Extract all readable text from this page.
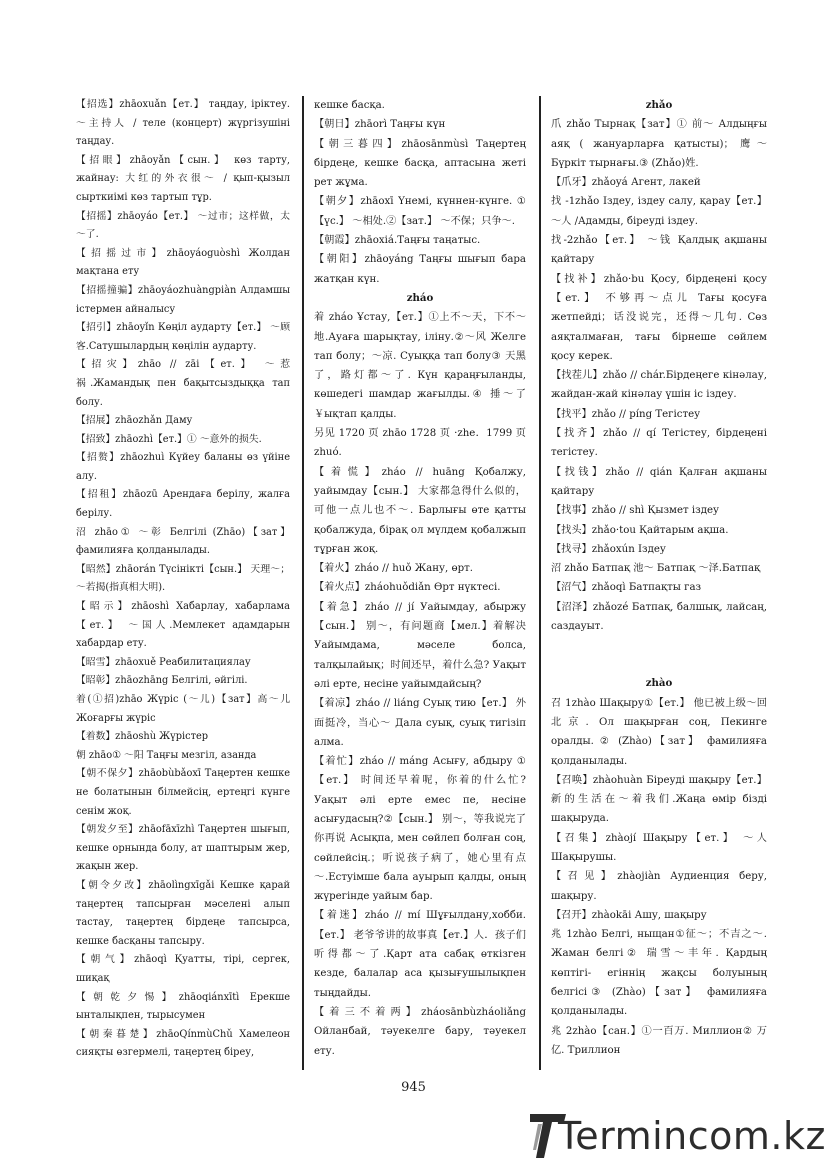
【招选】zhāoxuǎn【ет.】 таңдау, іріктеу. ～主持人 / теле (концерт) жүргізушіні таңдау.

【招眼】zhāoyǎn【сын.】 көз тарту, жайнау: 大红的外衣很～ / қып-қызыл сырткиімі көз тартып тұр.

【招摇】zhāoyáo【ет.】 ～过市；这样做，太～了.

【招摇过市】zhāoyáoguòshì Жолдан мақтана ету

【招摇撞骗】zhāoyáozhuàngpiàn Алдамшы істермен айналысу

【招引】zhāoyǐn Көңіл аударту【ет.】 ～顾客.Сатушылардың көңілін аударту.

【招灾】zhāo // zāi【ет.】 ～惹祸.Жамандық пен бақытсыздыққа тап болу.

【招展】zhāozhǎn Даму

【招致】zhāozhì【ет.】① ～意外的损失.

【招赘】zhāozhuì Күйеу баланы өз үйіне алу.

【招租】zhāozū Арендаға берілу, жалға берілу.

沼 zhāo① ～彰 Белгілі (Zhāo)【зат】 фамилияға қолданылады.

【昭然】zhāorán Түсінікті【сын.】 天理～；～若揭(指真相大明).

【昭示】zhāoshì Хабарлау, хабарлама【ет.】 ～国人.Мемлекет адамдарын хабардар ету.

【昭雪】zhāoxuě Реабилитациялау

【昭彰】zhāozhāng Белгілі, әйгілі.

着(①招)zhāo Жүріс (～儿)【зат】高～儿 Жоғарғы жүріс

【着数】zhāoshù Жүрістер

朝 zhāo① ～阳 Таңғы мезгіл, азанда

【朝不保夕】zhāobùbǎoxī Таңертен кешке не болатынын білмейсің, ертеңгі күнге сенім жоқ.

【朝发夕至】zhāofāxīzhì Таңертен шығып, кешке орнында болу, ат шаптырым жер, жақын жер.

【朝令夕改】zhāolìngxīgǎi Кешке қарай таңертең тапсырған мәселені алып тастау, таңертең бірдеңе тапсырса, кешке басқаны тапсыру.

【朝气】zhāoqì Қуатты, тірі, сергек, шиқақ

【朝乾夕惕】zhāoqiánxītì Ерекше ынталықпен, тырысумен

【朝秦暮楚】zhāoQínmùChǔ Хамелеон сияқты өзгермелі, таңертең біреу,

кешке басқа.

【朝日】zhāorì Таңғы күн

【朝三暮四】zhāosānmùsì Таңертең бірдеңе, кешке басқа, аптасына жеті рет жұма.

【朝夕】zhāoxī Үнемі, күннен-күнге. ①【үс.】 ～相处.②【зат.】 ～不保；只争～.

【朝霞】zhāoxiá.Таңғы таңатыс.

【朝阳】zhāoyáng Таңғы шығып бара жатқан күн.

zháo

着 zháo Ұстау,【ет.】①上不～天，下不～地.Ауаға шарықтау, іліну.②～风 Желге тап болу；～凉. Суыққа тап болу③ 天黑了，路灯都～了. Күн қараңғыланды, көшедегі шамдар жағылды.④ 捶～了 ￥ықтап қалды.

另见 1720 页 zhāo 1728 页 ·zhe．1799 页 zhuó.

【着慌】zháo // huāng Қобалжу, уайымдау【сын.】 大家都急得什么似的，可他一点儿也不～. Барлығы өте қатты қобалжуда, бірақ ол мүлдем қобалжып тұрған жоқ.

【着火】zháo // huǒ Жану, өрт.

【着火点】zháohuǒdiǎn Өрт нүктесі.

【着急】zháo // jí Уайымдау, абыржу【сын.】 别～，有问题商【мел.】着解决 Уайымдама, мәселе болса, талқылайық；时间还早，着什么急? Уақыт әлі ерте, несіне уайымдайсың?

【着凉】zháo // liáng Суық тию【ет.】 外面挺冷，当心～ Дала суық, суық тигізіп алма.

【着忙】zháo // máng Асығу, абдыру ①【ет.】 时间还早着呢，你着的什么忙? Уақыт әлі ерте емес пе, несіне асығудасың?②【сын.】 别～，等我说完了你再说 Асықпа, мен сөйлеп болған соң, сөйлейсің.；听说孩子病了，她心里有点～.Естуімше бала ауырып қалды, оның жүрегінде уайым бар.

【着迷】zháo // mí Шұғылдану,хобби.【ет.】 老爷爷讲的故事真【ет.】人．孩子们听得都～了.Қарт ата сабақ өткізген кезде, балалар аса қызығушылықпен тыңдайды.

【着三不着两】zháosānbùzháoliǎng Ойланбай, тәуекелге бару, тәуекел ету.

zhǎo

爪 zhǎo Тырнақ【зат】① 前～ Алдыңғы аяқ ( жануарларға қатысты)；鹰～ Бүркіт тырнағы.③ (Zhǎo)姓.

【爪牙】zhǎoyá Агент, лакей

找 -1zhǎo Іздеу, іздеу салу, қарау【ет.】 ～人 /Адамды, біреуді іздеу.

找-2zhǎo【ет.】 ～钱 Қалдық ақшаны қайтару

【找补】zhǎo·bu Қосу, бірдеңені қосу【ет.】 不够再～点儿 Тағы қосуға жетпейді；话没说完，还得～几句. Сөз аяқталмаған, тағы бірнеше сөйлем қосу керек.

【找茬儿】zhǎo // chár.Бірдеңеге кінәлау, жайдан-жай кінәлау үшін іс іздеу.

【找平】zhǎo // píng Тегістеу

【找齐】zhǎo // qí Тегістеу, бірдеңені тегістеу.

【找钱】zhǎo // qián Қалған ақшаны қайтару

【找事】zhǎo // shì Қызмет іздеу

【找头】zhǎo·tou Қайтарым ақша.

【找寻】zhǎoxún Іздеу

沼 zhǎo Батпақ 池～ Батпақ ～泽.Батпақ

【沼气】zhǎoqì Батпақты газ

【沼泽】zhǎozé Батпақ, балшық, лайсаң, саздауыт.

zhào

召 1zhào Шақыру①【ет.】 他已被上级～回北京. Ол шақырған соң, Пекинге оралды. ② (Zhào)【зат】 фамилияға қолданылады.

【召唤】zhàohuàn Біреуді шақыру【ет.】 新的生活在～着我们.Жаңа өмір бізді шақыруда.

【召集】zhàojí Шақыру【ет.】 ～人 Шақырушы.

【召见】zhàojiàn Аудиенция беру, шақыру.

【召开】zhàokāi Ашу, шақыру

兆 1zhào Белгі, ныщан①征～；不吉之～. Жаман белгі② 瑞雪～丰年. Қардың көптігі- егіннің жақсы болуының белгісі③ (Zhào)【зат】 фамилияға қолданылады.

兆 2zhào【сан.】①一百万. Миллион② 万亿. Триллион

945
Termincom.kz
